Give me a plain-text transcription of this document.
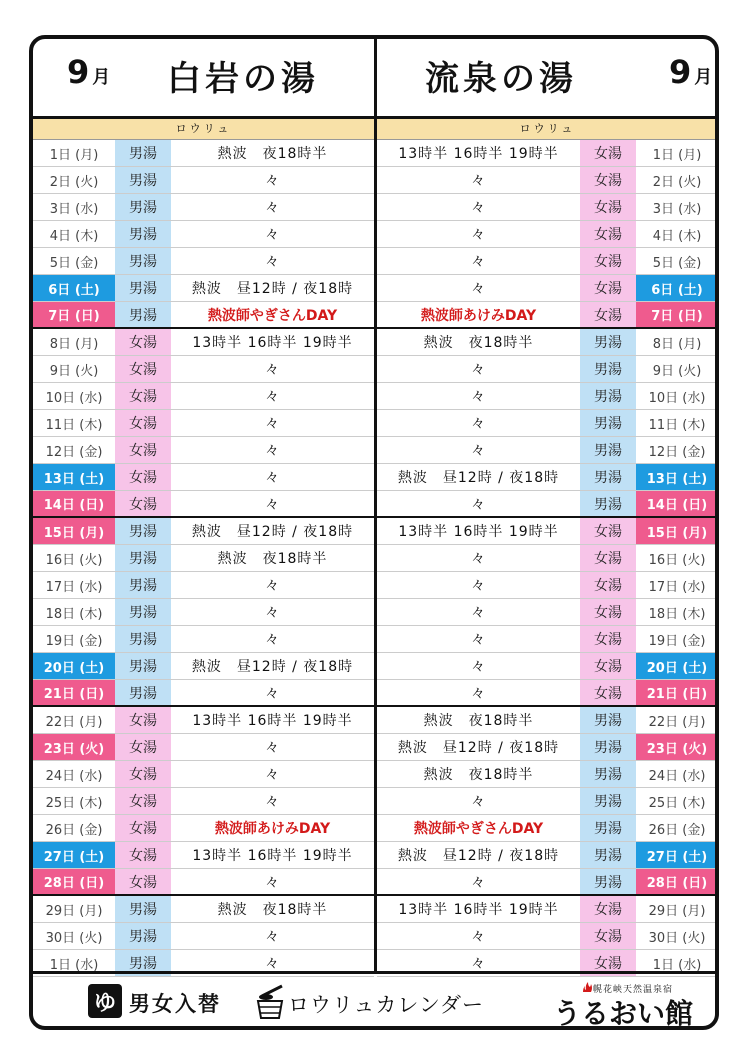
9 月 白岩の湯	流泉の湯	9 月
ロウリュ
1日 (月)	男湯	熱波　夜18時半
2日 (火)	男湯	々
3日 (水)	男湯	々
4日 (木)	男湯	々
5日 (金)	男湯	々
6日 (土)	男湯	熱波　昼12時 / 夜18時
7日 (日)	男湯	熱波師やぎさんDAY
8日 (月)	女湯	13時半 16時半 19時半
9日 (火)	女湯	々
10日 (水)	女湯	々
11日 (木)	女湯	々
12日 (金)	女湯	々
13日 (土)	女湯	々
14日 (日)	女湯	々
15日 (月)	男湯	熱波　昼12時 / 夜18時
16日 (火)	男湯	熱波　夜18時半
17日 (水)	男湯	々
18日 (木)	男湯	々
19日 (金)	男湯	々
20日 (土)	男湯	熱波　昼12時 / 夜18時
21日 (日)	男湯	々
22日 (月)	女湯	13時半 16時半 19時半
23日 (火)	女湯	々
24日 (水)	女湯	々
25日 (木)	女湯	々
26日 (金)	女湯	熱波師あけみDAY
27日 (土)	女湯	13時半 16時半 19時半
28日 (日)	女湯	々
29日 (月)	男湯	熱波　夜18時半
30日 (火)	男湯	々
1日 (水)	男湯	々
ロウリュ
13時半 16時半 19時半	女湯	1日 (月)
々	女湯	2日 (火)
々	女湯	3日 (水)
々	女湯	4日 (木)
々	女湯	5日 (金)
々	女湯	6日 (土)
熱波師あけみDAY	女湯	7日 (日)
熱波　夜18時半	男湯	8日 (月)
々	男湯	9日 (火)
々	男湯	10日 (水)
々	男湯	11日 (木)
々	男湯	12日 (金)
熱波　昼12時 / 夜18時	男湯	13日 (土)
々	男湯	14日 (日)
13時半 16時半 19時半	女湯	15日 (月)
々	女湯	16日 (火)
々	女湯	17日 (水)
々	女湯	18日 (木)
々	女湯	19日 (金)
々	女湯	20日 (土)
々	女湯	21日 (日)
熱波　夜18時半	男湯	22日 (月)
熱波　昼12時 / 夜18時	男湯	23日 (火)
熱波　夜18時半	男湯	24日 (水)
々	男湯	25日 (木)
熱波師やぎさんDAY	男湯	26日 (金)
熱波　昼12時 / 夜18時	男湯	27日 (土)
々	男湯	28日 (日)
13時半 16時半 19時半	女湯	29日 (月)
々	女湯	30日 (火)
々	女湯	1日 (水)
ゆ 男女入替	ロウリュカレンダー
幌花峡天然温泉宿
うるおい館
